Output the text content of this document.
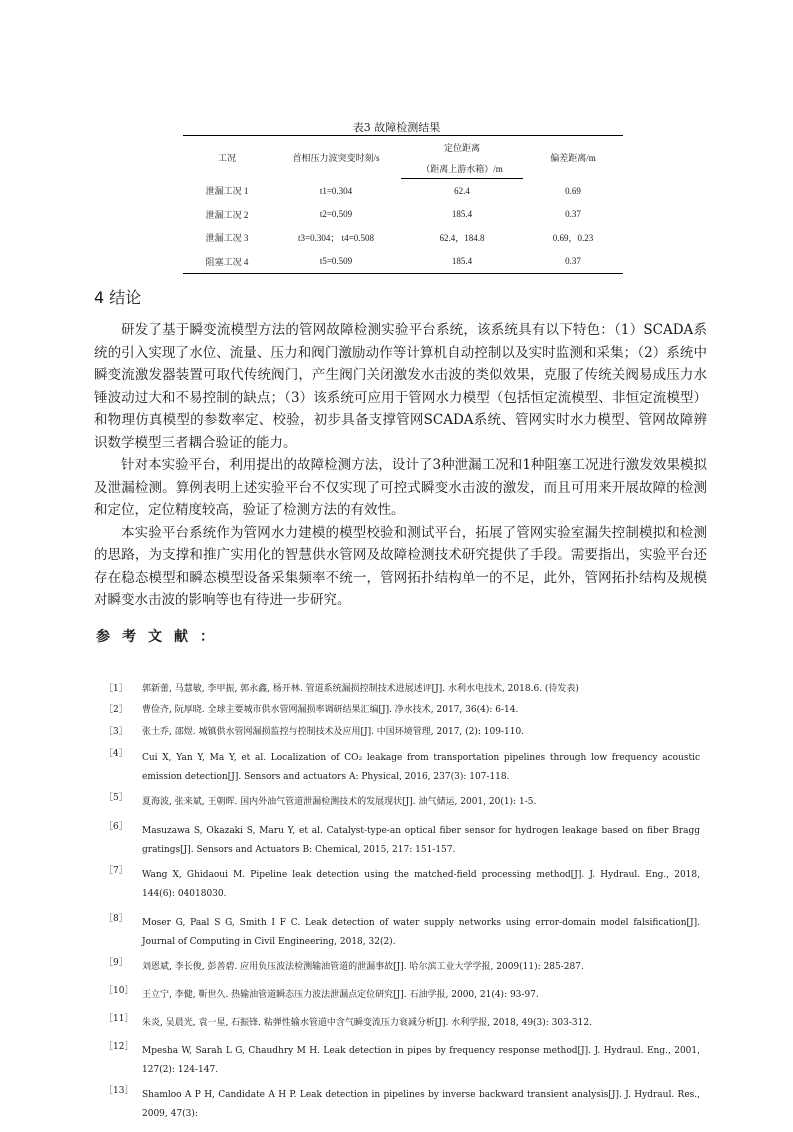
表3 故障检测结果
工况	首相压力波突变时刻/s	定位距离	偏差距离/m
		（距离上游水箱）/m	
泄漏工况 1	t1=0.304	62.4	0.69
泄漏工况 2	t2=0.509	185.4	0.37
泄漏工况 3	t3=0.304； t4=0.508	62.4，184.8	0.69，0.23
阻塞工况 4	t5=0.509	185.4	0.37
4 结论

研发了基于瞬变流模型方法的管网故障检测实验平台系统，该系统具有以下特色：（1）SCADA系统的引入实现了水位、流量、压力和阀门激励动作等计算机自动控制以及实时监测和采集；（2）系统中瞬变流激发器装置可取代传统阀门，产生阀门关闭激发水击波的类似效果，克服了传统关阀易成压力水锤波动过大和不易控制的缺点；（3）该系统可应用于管网水力模型（包括恒定流模型、非恒定流模型）和物理仿真模型的参数率定、校验，初步具备支撑管网SCADA系统、管网实时水力模型、管网故障辨识数学模型三者耦合验证的能力。

针对本实验平台，利用提出的故障检测方法，设计了3种泄漏工况和1种阻塞工况进行激发效果模拟及泄漏检测。算例表明上述实验平台不仅实现了可控式瞬变水击波的激发，而且可用来开展故障的检测和定位，定位精度较高，验证了检测方法的有效性。

本实验平台系统作为管网水力建模的模型校验和测试平台，拓展了管网实验室漏失控制模拟和检测的思路，为支撑和推广实用化的智慧供水管网及故障检测技术研究提供了手段。需要指出，实验平台还存在稳态模型和瞬态模型设备采集频率不统一，管网拓扑结构单一的不足，此外，管网拓扑结构及规模对瞬变水击波的影响等也有待进一步研究。

参考文献：
［1］	郭新蕾, 马慧敏, 李甲振, 郭永鑫, 杨开林. 管道系统漏损控制技术进展述评[J]. 水利水电技术, 2018.6. (待发表)
［2］	曹俭齐, 阮厚晓. 全球主要城市供水管网漏损率调研结果汇编[J]. 净水技术, 2017, 36(4): 6-14.
［3］	张土乔, 邵煜. 城镇供水管网漏损监控与控制技术及应用[J]. 中国环境管理, 2017, (2): 109-110.
［4］	Cui X, Yan Y, Ma Y, et al. Localization of CO₂ leakage from transportation pipelines through low frequency acoustic emission detection[J]. Sensors and actuators A: Physical, 2016, 237(3): 107-118.
［5］	夏海波, 张来斌, 王朝晖. 国内外油气管道泄漏检测技术的发展现状[J]. 油气储运, 2001, 20(1): 1-5.
［6］	Masuzawa S, Okazaki S, Maru Y, et al. Catalyst-type-an optical fiber sensor for hydrogen leakage based on fiber Bragg gratings[J]. Sensors and Actuators B: Chemical, 2015, 217: 151-157.
［7］	Wang X, Ghidaoui M. Pipeline leak detection using the matched-field processing method[J]. J. Hydraul. Eng., 2018, 144(6): 04018030.
［8］	Moser G, Paal S G, Smith I F C. Leak detection of water supply networks using error-domain model falsification[J]. Journal of Computing in Civil Engineering, 2018, 32(2).
［9］	刘恩斌, 李长俊, 彭善碧. 应用负压波法检测输油管道的泄漏事故[J]. 哈尔滨工业大学学报, 2009(11): 285-287.
［10］ 王立宁, 李健, 靳世久. 热输油管道瞬态压力波法泄漏点定位研究[J]. 石油学报, 2000, 21(4): 93-97.
［11］ 朱炎, 吴晨光, 袁一星, 石振锋. 粘弹性输水管道中含气瞬变流压力衰减分析[J]. 水利学报, 2018, 49(3): 303-312.
［12］ Mpesha W, Sarah L G, Chaudhry M H. Leak detection in pipes by frequency response method[J]. J. Hydraul. Eng., 2001, 127(2): 124-147.
［13］ Shamloo A P H, Candidate A H P. Leak detection in pipelines by inverse backward transient analysis[J]. J. Hydraul. Res., 2009, 47(3):
